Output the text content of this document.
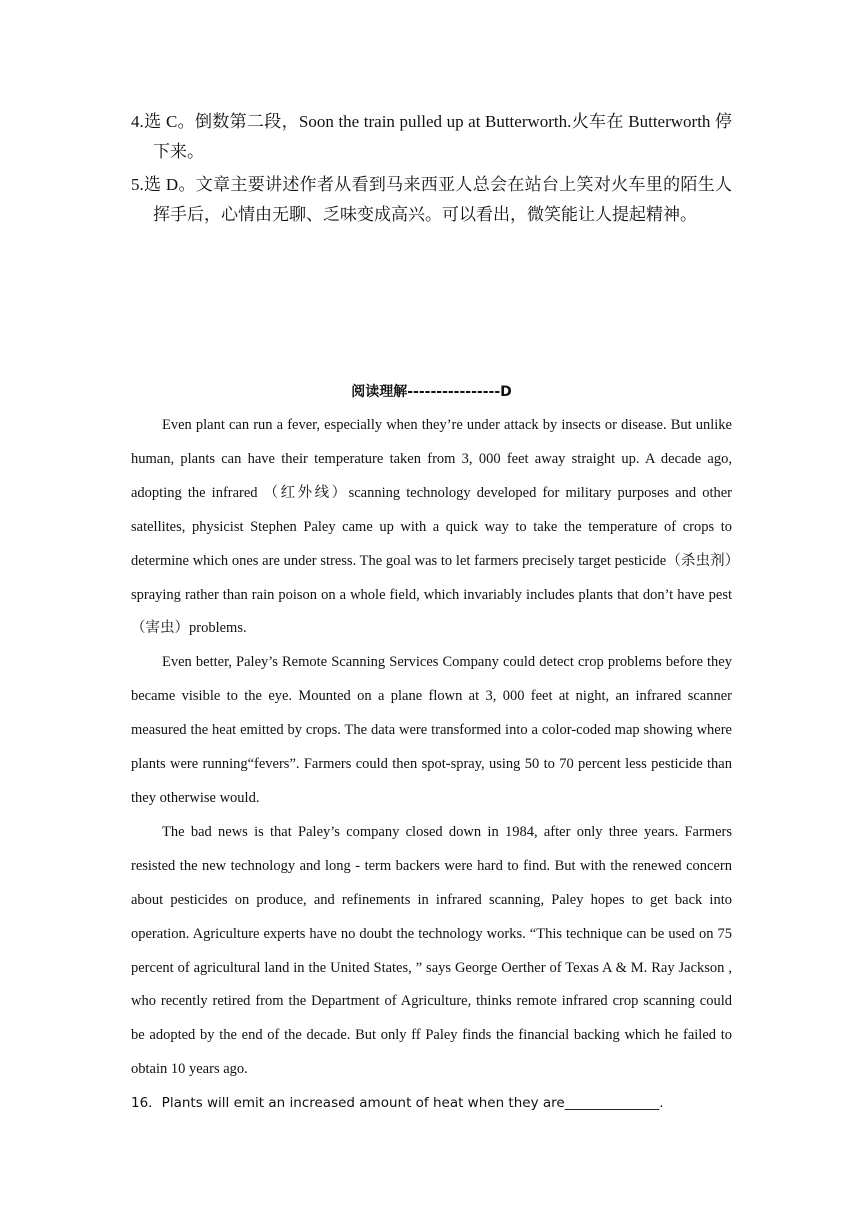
4.选 C。倒数第二段，Soon the train pulled up at Butterworth.火车在 Butterworth 停下来。

5.选 D。文章主要讲述作者从看到马来西亚人总会在站台上笑对火车里的陌生人挥手后，心情由无聊、乏味变成高兴。可以看出，微笑能让人提起精神。

阅读理解----------------D

Even plant can run a fever, especially when they’re under attack by insects or disease. But unlike human, plants can have their temperature taken from 3, 000 feet away straight up. A decade ago, adopting the infrared （红外线）scanning technology developed for military purposes and other satellites, physicist Stephen Paley came up with a quick way to take the temperature of crops to determine which ones are under stress. The goal was to let farmers precisely target pesticide（杀虫剂）spraying rather than rain poison on a whole field, which invariably includes plants that don’t have pest （害虫）problems.

Even better, Paley’s Remote Scanning Services Company could detect crop problems before they became visible to the eye. Mounted on a plane flown at 3, 000 feet at night, an infrared scanner measured the heat emitted by crops. The data were transformed into a color-coded map showing where plants were running“fevers”. Farmers could then spot-spray, using 50 to 70 percent less pesticide than they otherwise would.

The bad news is that Paley’s company closed down in 1984, after only three years. Farmers resisted the new technology and long - term backers were hard to find. But with the renewed concern about pesticides on produce, and refinements in infrared scanning, Paley hopes to get back into operation. Agriculture experts have no doubt the technology works. “This technique can be used on 75 percent of agricultural land in the United States, ” says George Oerther of Texas A & M. Ray Jackson , who recently retired from the Department of Agriculture, thinks remote infrared crop scanning could be adopted by the end of the decade. But only ff Paley finds the financial backing which he failed to obtain 10 years ago.

16．Plants will emit an increased amount of heat when they are______________.
